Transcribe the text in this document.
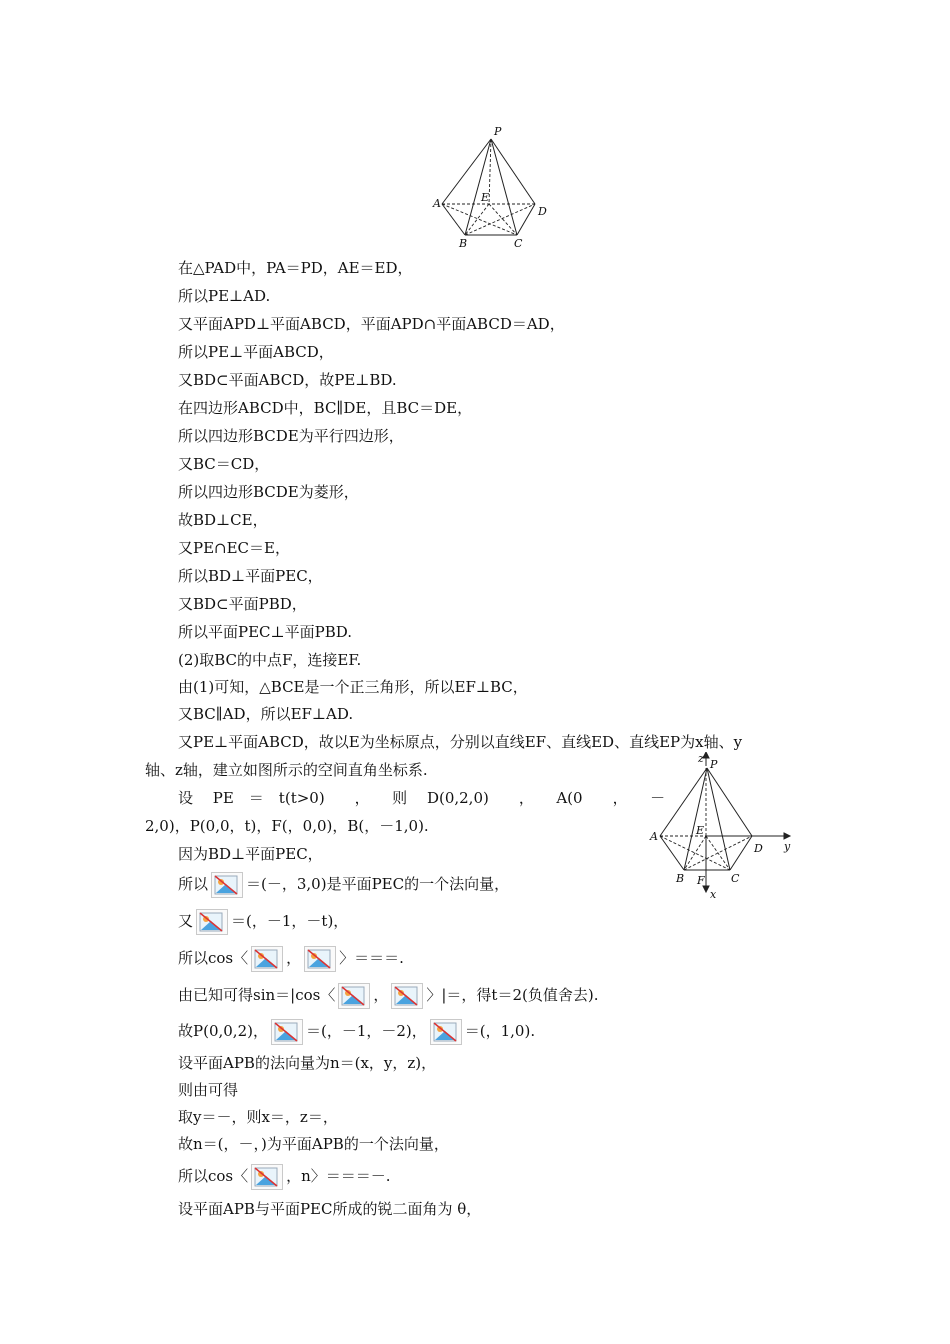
P
A	E
D
B	C
z P
A	E
D y
B F C
x
在△PAD中，PA＝PD，AE＝ED，
所以PE⊥AD.
又平面APD⊥平面ABCD，平面APD∩平面ABCD＝AD，
所以PE⊥平面ABCD，
又BD⊂平面ABCD，故PE⊥BD.
在四边形ABCD中，BC∥DE，且BC＝DE，
所以四边形BCDE为平行四边形，
又BC＝CD，
所以四边形BCDE为菱形，
故BD⊥CE，
又PE∩EC＝E，
所以BD⊥平面PEC，
又BD⊂平面PBD，
所以平面PEC⊥平面PBD.
(2)取BC的中点F，连接EF.
由(1)可知，△BCE是一个正三角形，所以EF⊥BC，
又BC∥AD，所以EF⊥AD.
又PE⊥平面ABCD，故以E为坐标原点，分别以直线EF、直线ED、直线EP为x轴、y
轴、z轴，建立如图所示的空间直角坐标系.
设　 PE　＝　t(t>0)　　，　　则　 D(0,2,0)　　，　　A(0　　，　　－
2,0)，P(0,0，t)，F(，0,0)，B(，－1,0).
因为BD⊥平面PEC，
所以	＝(－，3,0)是平面PEC的一个法向量，
又	＝(，－1，－t)，
所以cos〈	，	〉＝＝＝.
由已知可得sin＝|cos〈	，	〉|＝，得t＝2(负值舍去).
故P(0,0,2)，	＝(，－1，－2)，	＝(，1,0).
设平面APB的法向量为n＝(x，y，z)，
则由可得
取y＝－，则x＝，z＝，
故n＝(，－，)为平面APB的一个法向量，
所以cos〈	，n〉＝＝＝－.
设平面APB与平面PEC所成的锐二面角为 θ，
